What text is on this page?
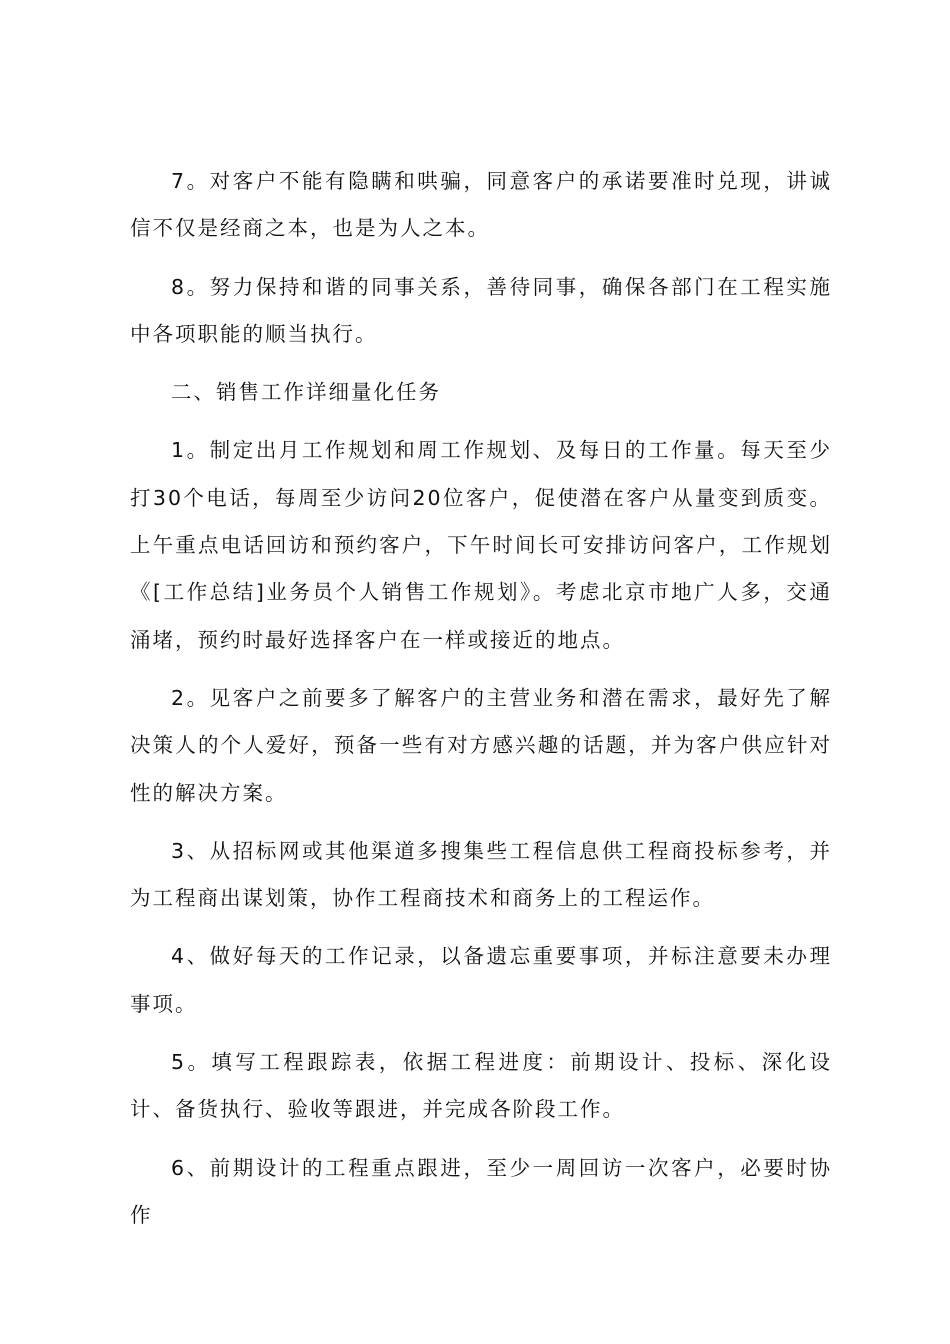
7。对客户不能有隐瞒和哄骗，同意客户的承诺要准时兑现，讲诚信不仅是经商之本，也是为人之本。

8。努力保持和谐的同事关系，善待同事，确保各部门在工程实施中各项职能的顺当执行。

二、销售工作详细量化任务

1。制定出月工作规划和周工作规划、及每日的工作量。每天至少打30个电话，每周至少访问20位客户，促使潜在客户从量变到质变。上午重点电话回访和预约客户，下午时间长可安排访问客户，工作规划《[工作总结]业务员个人销售工作规划》。考虑北京市地广人多，交通涌堵，预约时最好选择客户在一样或接近的地点。

2。见客户之前要多了解客户的主营业务和潜在需求，最好先了解决策人的个人爱好，预备一些有对方感兴趣的话题，并为客户供应针对性的解决方案。

3、从招标网或其他渠道多搜集些工程信息供工程商投标参考，并为工程商出谋划策，协作工程商技术和商务上的工程运作。

4、做好每天的工作记录，以备遗忘重要事项，并标注意要未办理事项。

5。填写工程跟踪表，依据工程进度：前期设计、投标、深化设计、备货执行、验收等跟进，并完成各阶段工作。

6、前期设计的工程重点跟进，至少一周回访一次客户，必要时协作
